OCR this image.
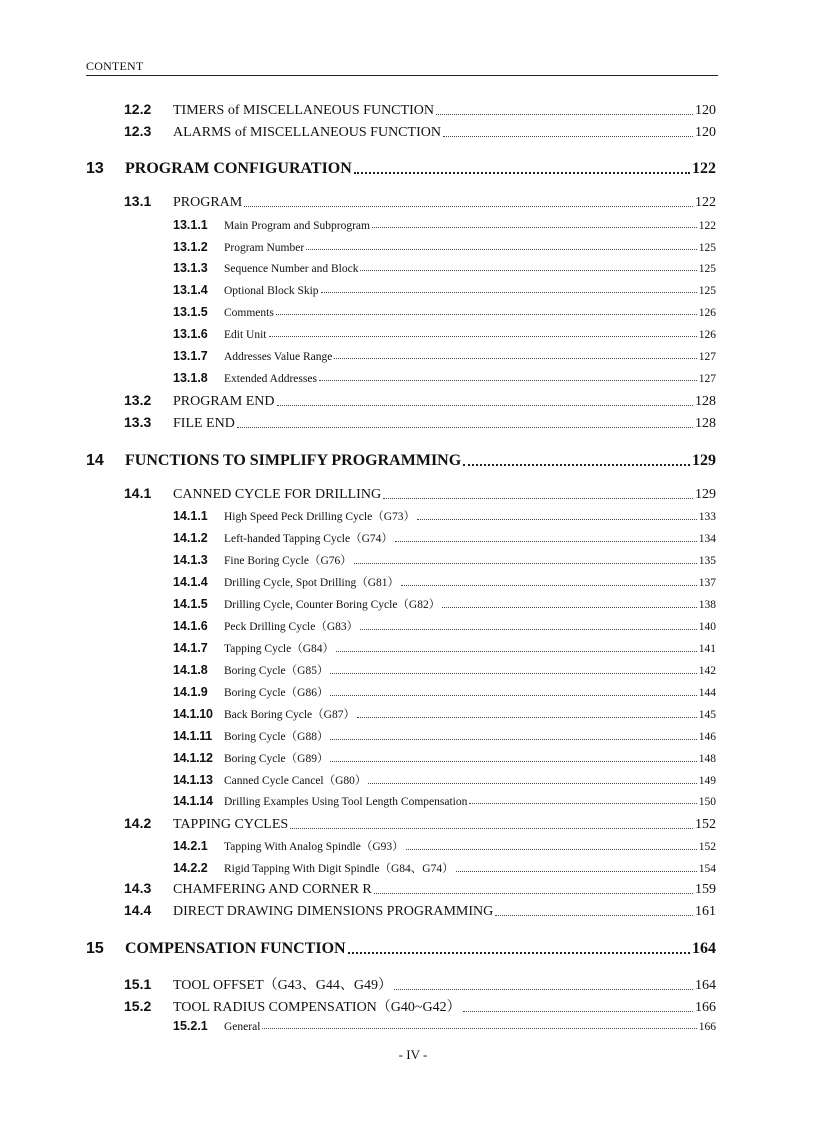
CONTENT
12.2	TIMERS of MISCELLANEOUS FUNCTION	120
12.3	ALARMS of MISCELLANEOUS FUNCTION	120
13	PROGRAM CONFIGURATION	122
13.1	PROGRAM	122
13.1.1	Main Program and Subprogram	122
13.1.2	Program Number	125
13.1.3	Sequence Number and Block	125
13.1.4	Optional Block Skip	125
13.1.5	Comments	126
13.1.6	Edit Unit	126
13.1.7	Addresses Value Range	127
13.1.8	Extended Addresses	127
13.2	PROGRAM END	128
13.3	FILE END	128
14	FUNCTIONS TO SIMPLIFY PROGRAMMING	129
14.1	CANNED CYCLE FOR DRILLING	129
14.1.1	High Speed Peck Drilling Cycle（G73）	133
14.1.2	Left-handed Tapping Cycle（G74）	134
14.1.3	Fine Boring Cycle（G76）	135
14.1.4	Drilling Cycle, Spot Drilling（G81）	137
14.1.5	Drilling Cycle, Counter Boring Cycle（G82）	138
14.1.6	Peck Drilling Cycle（G83）	140
14.1.7	Tapping Cycle（G84）	141
14.1.8	Boring Cycle（G85）	142
14.1.9	Boring Cycle（G86）	144
14.1.10 Back Boring Cycle（G87）	145
14.1.11	Boring Cycle（G88）	146
14.1.12 Boring Cycle（G89）	148
14.1.13 Canned Cycle Cancel（G80）	149
14.1.14 Drilling Examples Using Tool Length Compensation	150
14.2	TAPPING CYCLES	152
14.2.1	Tapping With Analog Spindle（G93）	152
14.2.2	Rigid Tapping With Digit Spindle（G84、G74）	154
14.3	CHAMFERING AND CORNER R	159
14.4	DIRECT DRAWING DIMENSIONS PROGRAMMING	161
15	COMPENSATION FUNCTION	164
15.1	TOOL OFFSET（G43、G44、G49）	164
15.2	TOOL RADIUS COMPENSATION（G40~G42）	166
15.2.1	General	166
- IV -
